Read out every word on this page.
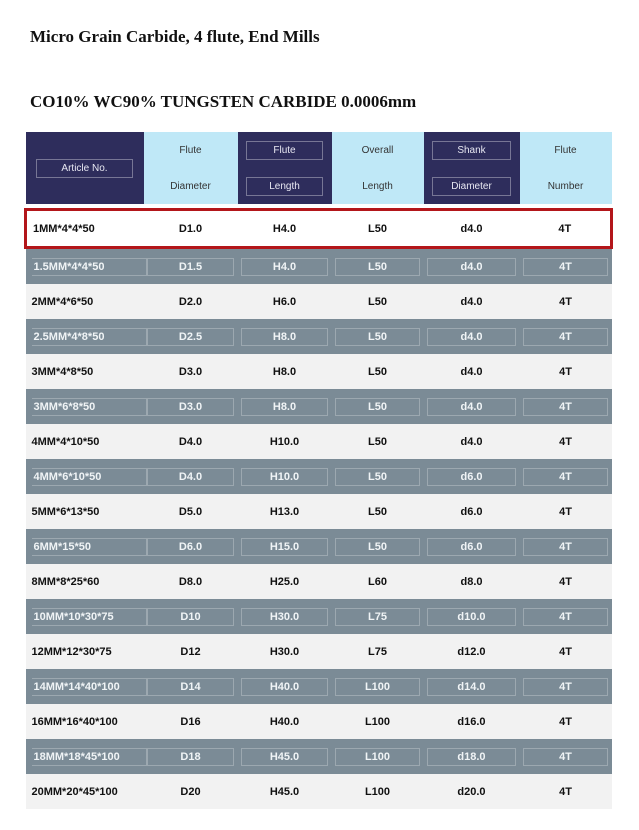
Micro Grain Carbide, 4 flute, End Mills
CO10% WC90% TUNGSTEN CARBIDE 0.0006mm
Article No.	Flute	Flute	Overall	Shank	Flute
	Diameter	Length	Length	Diameter	Number

1MM*4*4*50	D1.0	H4.0	L50	d4.0	4T
1.5MM*4*4*50	D1.5	H4.0	L50	d4.0	4T
2MM*4*6*50	D2.0	H6.0	L50	d4.0	4T
2.5MM*4*8*50	D2.5	H8.0	L50	d4.0	4T
3MM*4*8*50	D3.0	H8.0	L50	d4.0	4T
3MM*6*8*50	D3.0	H8.0	L50	d4.0	4T
4MM*4*10*50	D4.0	H10.0	L50	d4.0	4T
4MM*6*10*50	D4.0	H10.0	L50	d6.0	4T
5MM*6*13*50	D5.0	H13.0	L50	d6.0	4T
6MM*15*50	D6.0	H15.0	L50	d6.0	4T
8MM*8*25*60	D8.0	H25.0	L60	d8.0	4T
10MM*10*30*75	D10	H30.0	L75	d10.0	4T
12MM*12*30*75	D12	H30.0	L75	d12.0	4T
14MM*14*40*100	D14	H40.0	L100	d14.0	4T
16MM*16*40*100	D16	H40.0	L100	d16.0	4T
18MM*18*45*100	D18	H45.0	L100	d18.0	4T
20MM*20*45*100	D20	H45.0	L100	d20.0	4T
